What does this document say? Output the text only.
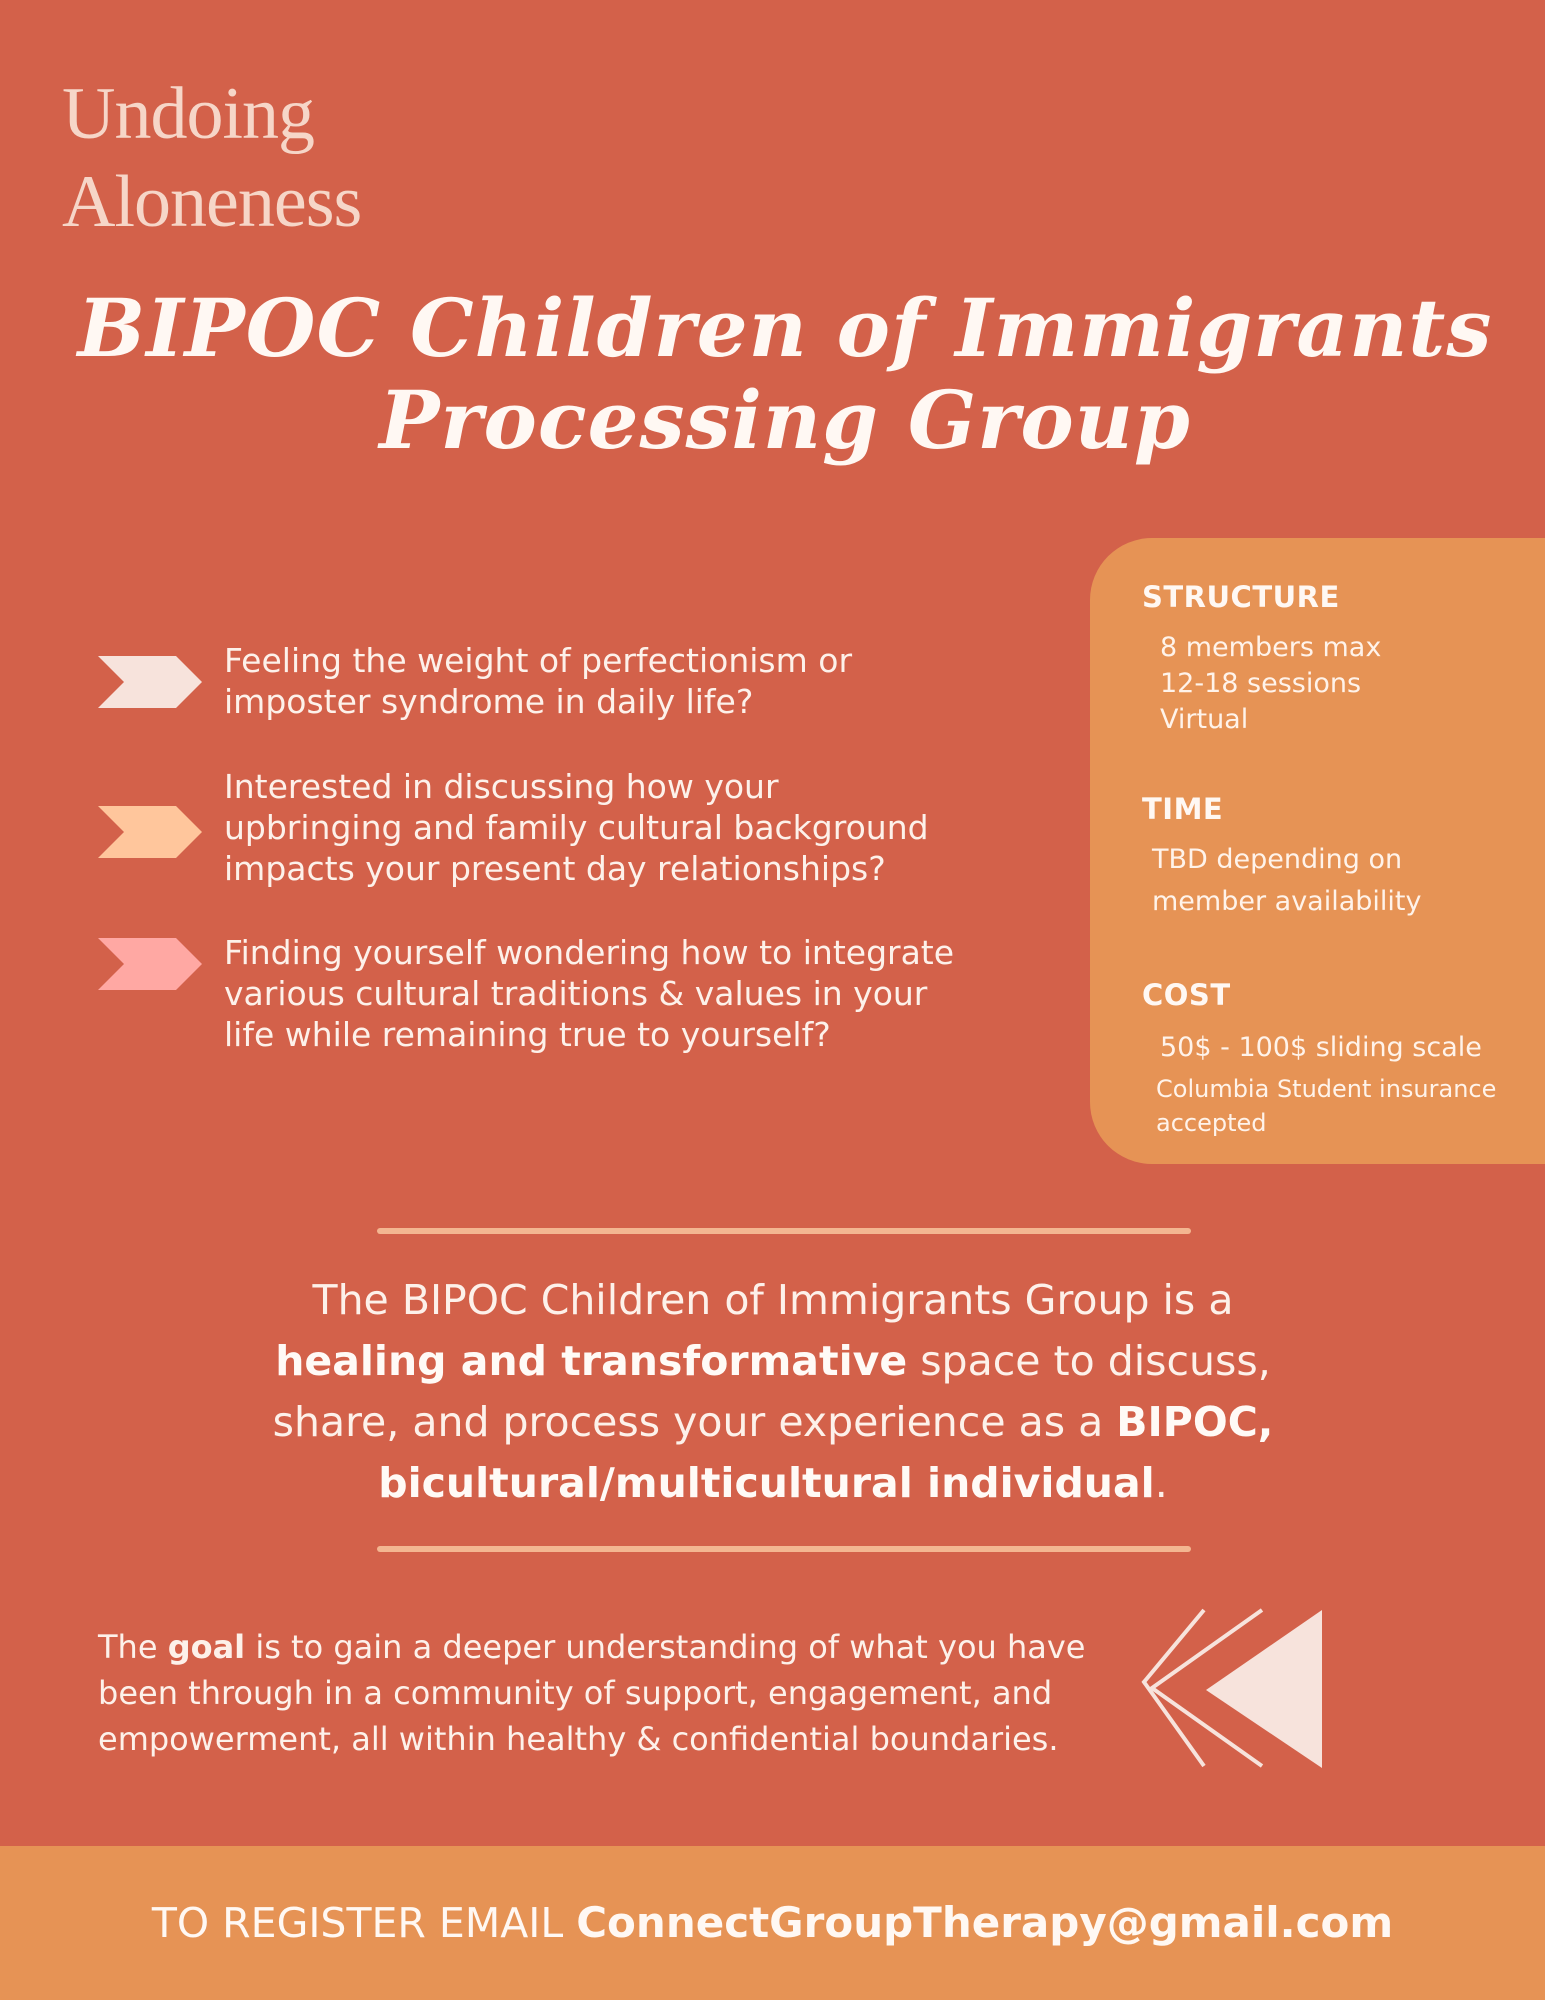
Undoing
Aloneness
BIPOC Children of Immigrants
Processing Group
Feeling the weight of perfectionism or
imposter syndrome in daily life?
Interested in discussing how your
upbringing and family cultural background
impacts your present day relationships?
Finding yourself wondering how to integrate
various cultural traditions & values in your
life while remaining true to yourself?
STRUCTURE
8 members max
12-18 sessions
Virtual
TIME
TBD depending on
member availability
COST
50$ - 100$ sliding scale
Columbia Student insurance
accepted
The BIPOC Children of Immigrants Group is a
healing and transformative space to discuss,
share, and process your experience as a BIPOC,
bicultural/multicultural individual.
The goal is to gain a deeper understanding of what you have
been through in a community of support, engagement, and
empowerment, all within healthy & confidential boundaries.
TO REGISTER EMAIL ConnectGroupTherapy@gmail.com
